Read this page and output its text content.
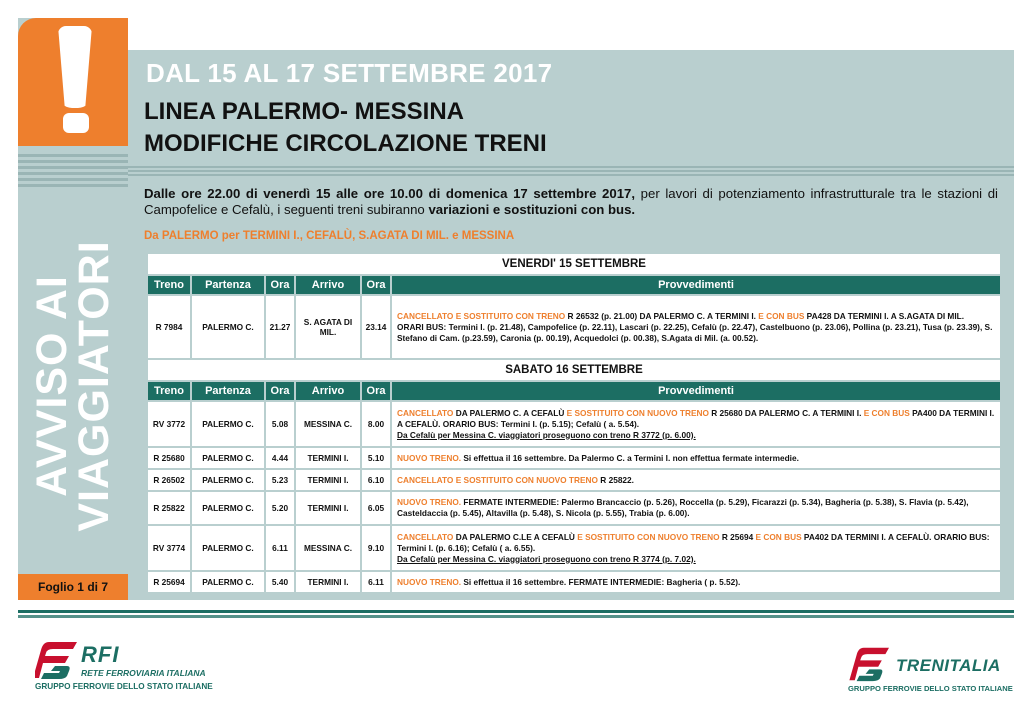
AVVISO AI
VIAGGIATORI
Foglio 1 di 7
DAL 15 AL 17 SETTEMBRE 2017
LINEA PALERMO- MESSINA
MODIFICHE CIRCOLAZIONE TRENI
Dalle ore 22.00 di venerdì 15 alle ore 10.00 di domenica 17 settembre 2017, per lavori di potenziamento infrastrutturale tra le stazioni di Campofelice e Cefalù, i seguenti treni subiranno variazioni e sostituzioni con bus.
Da PALERMO per TERMINI I., CEFALÙ, S.AGATA DI MIL. e MESSINA
VENERDI' 15 SETTEMBRE					
Treno	Partenza	Ora	Arrivo	Ora	Provvedimenti
R 7984	PALERMO C.	21.27	S. AGATA DI MIL.	23.14	CANCELLATO E SOSTITUITO CON TRENO R 26532 (p. 21.00) DA PALERMO C. A TERMINI I. E CON BUS PA428 DA TERMINI I. A S.AGATA DI MIL.
ORARI BUS: Termini I. (p. 21.48), Campofelice (p. 22.11), Lascari (p. 22.25), Cefalù (p. 22.47), Castelbuono (p. 23.06), Pollina (p. 23.21), Tusa (p. 23.39), S. Stefano di Cam. (p.23.59), Caronia (p. 00.19), Acquedolci (p. 00.38), S.Agata di Mil. (a. 00.52).
SABATO 16 SETTEMBRE					
Treno	Partenza	Ora	Arrivo	Ora	Provvedimenti
RV 3772	PALERMO C.	5.08	MESSINA C.	8.00	CANCELLATO DA PALERMO C. A CEFALÙ E SOSTITUITO CON NUOVO TRENO R 25680 DA PALERMO C. A TERMINI I. E CON BUS PA400 DA TERMINI I. A CEFALÙ. ORARIO BUS: Termini I. (p. 5.15); Cefalù ( a. 5.54).
Da Cefalù per Messina C. viaggiatori proseguono con treno R 3772 (p. 6.00).
R 25680	PALERMO C.	4.44	TERMINI I.	5.10	NUOVO TRENO. Si effettua il 16 settembre. Da Palermo C. a Termini I. non effettua fermate intermedie.
R 26502	PALERMO C.	5.23	TERMINI I.	6.10	CANCELLATO E SOSTITUITO CON NUOVO TRENO R 25822.
R 25822	PALERMO C.	5.20	TERMINI I.	6.05	NUOVO TRENO. FERMATE INTERMEDIE: Palermo Brancaccio (p. 5.26), Roccella (p. 5.29), Ficarazzi (p. 5.34), Bagheria (p. 5.38), S. Flavia (p. 5.42), Casteldaccia (p. 5.45), Altavilla (p. 5.48), S. Nicola (p. 5.55), Trabia (p. 6.00).
RV 3774	PALERMO C.	6.11	MESSINA C.	9.10	CANCELLATO DA PALERMO C.LE A CEFALÙ E SOSTITUITO CON NUOVO TRENO R 25694 E CON BUS PA402 DA TERMINI I. A CEFALÙ. ORARIO BUS: Termini I. (p. 6.16); Cefalù ( a. 6.55).
Da Cefalù per Messina C. viaggiatori proseguono con treno R 3774 (p. 7.02).
R 25694	PALERMO C.	5.40	TERMINI I.	6.11	NUOVO TRENO. Si effettua il 16 settembre. FERMATE INTERMEDIE: Bagheria ( p. 5.52).
RFI
RETE FERROVIARIA ITALIANA
GRUPPO FERROVIE DELLO STATO ITALIANE
TRENITALIA
GRUPPO FERROVIE DELLO STATO ITALIANE
